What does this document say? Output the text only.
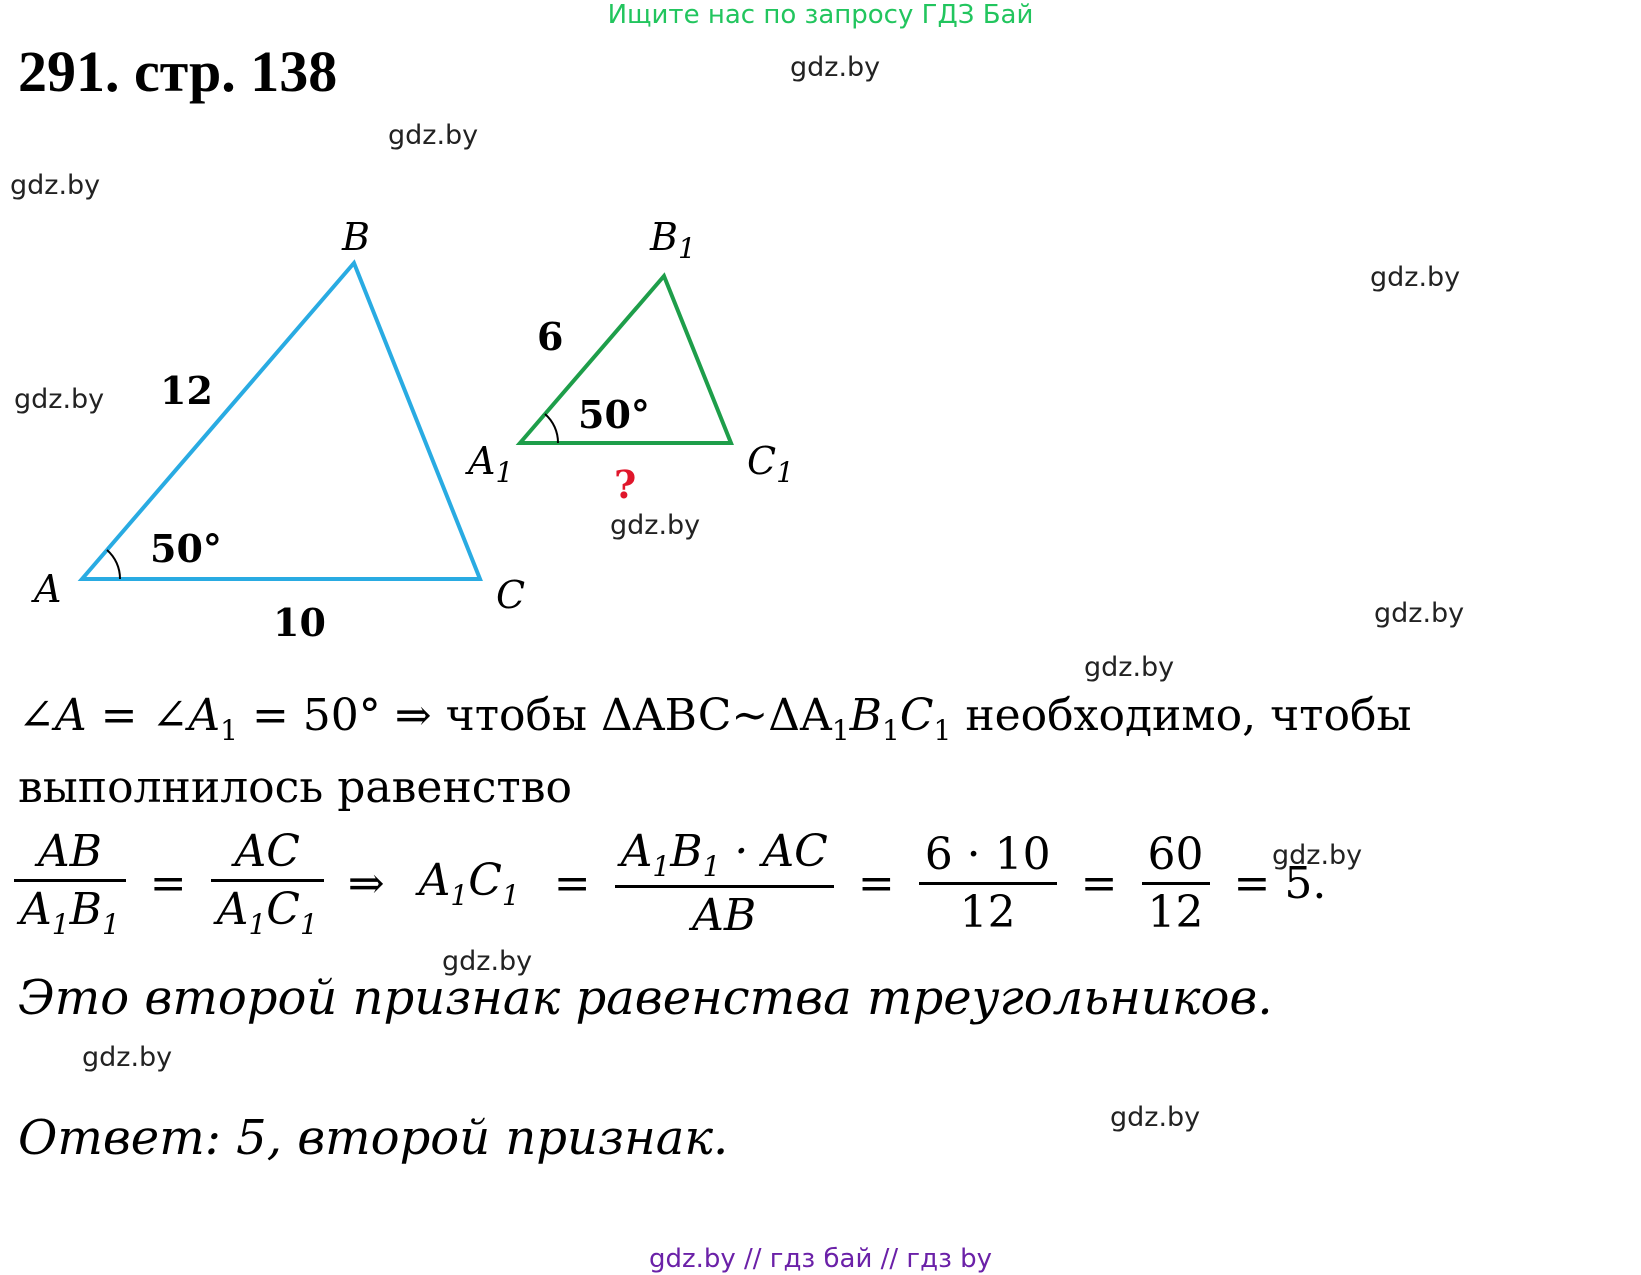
Ищите нас по запросу ГДЗ Бай
291. стр. 138	gdz.by
gdz.by
gdz.by
gdz.by
gdz.by
gdz.by
gdz.by
gdz.by
gdz.by
gdz.by
gdz.by
gdz.by
A
B
C
12
10
50°
$A_1$
$B_1$
$C_1$
6
50°
?
∠A = $\angle A_1 = 50^\circ$ ⇒ чтобы $\Delta ABC\sim\Delta A_1B_1C_1$ необходимо, чтобы
выполнилось равенство
$\frac{AB}{A_1B_1} = \frac{AC}{A_1C_1}$ ⇒ $A_1C_1 = \frac{A_1B_1 \cdot AC}{AB} = \frac{6 \cdot 10}{12} = \frac{60}{12} = 5$.
Это второй признак равенства треугольников.
Ответ: 5, второй признак.
gdz.by // гдз бай // гдз by
